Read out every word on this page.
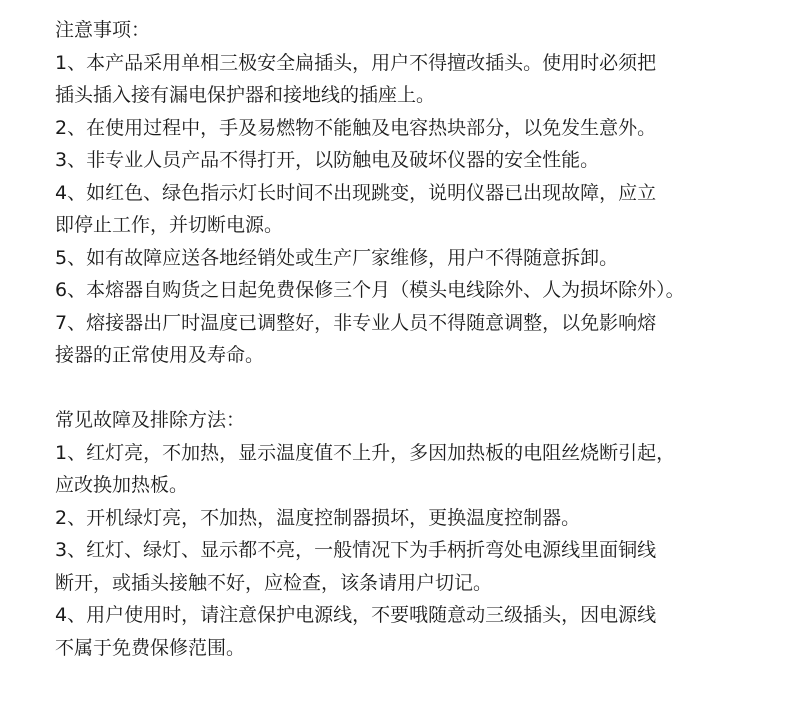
注意事项：
1、本产品采用单相三极安全扁插头，用户不得擅改插头。使用时必须把
插头插入接有漏电保护器和接地线的插座上。
2、在使用过程中，手及易燃物不能触及电容热块部分，以免发生意外。
3、非专业人员产品不得打开，以防触电及破坏仪器的安全性能。
4、如红色、绿色指示灯长时间不出现跳变，说明仪器已出现故障，应立
即停止工作，并切断电源。
5、如有故障应送各地经销处或生产厂家维修，用户不得随意拆卸。
6、本熔器自购货之日起免费保修三个月（模头电线除外、人为损坏除外）。
7、熔接器出厂时温度已调整好，非专业人员不得随意调整，以免影响熔
接器的正常使用及寿命。
常见故障及排除方法：
1、红灯亮，不加热，显示温度值不上升，多因加热板的电阻丝烧断引起，
应改换加热板。
2、开机绿灯亮，不加热，温度控制器损坏，更换温度控制器。
3、红灯、绿灯、显示都不亮，一般情况下为手柄折弯处电源线里面铜线
断开，或插头接触不好，应检查，该条请用户切记。
4、用户使用时，请注意保护电源线，不要哦随意动三级插头，因电源线
不属于免费保修范围。
